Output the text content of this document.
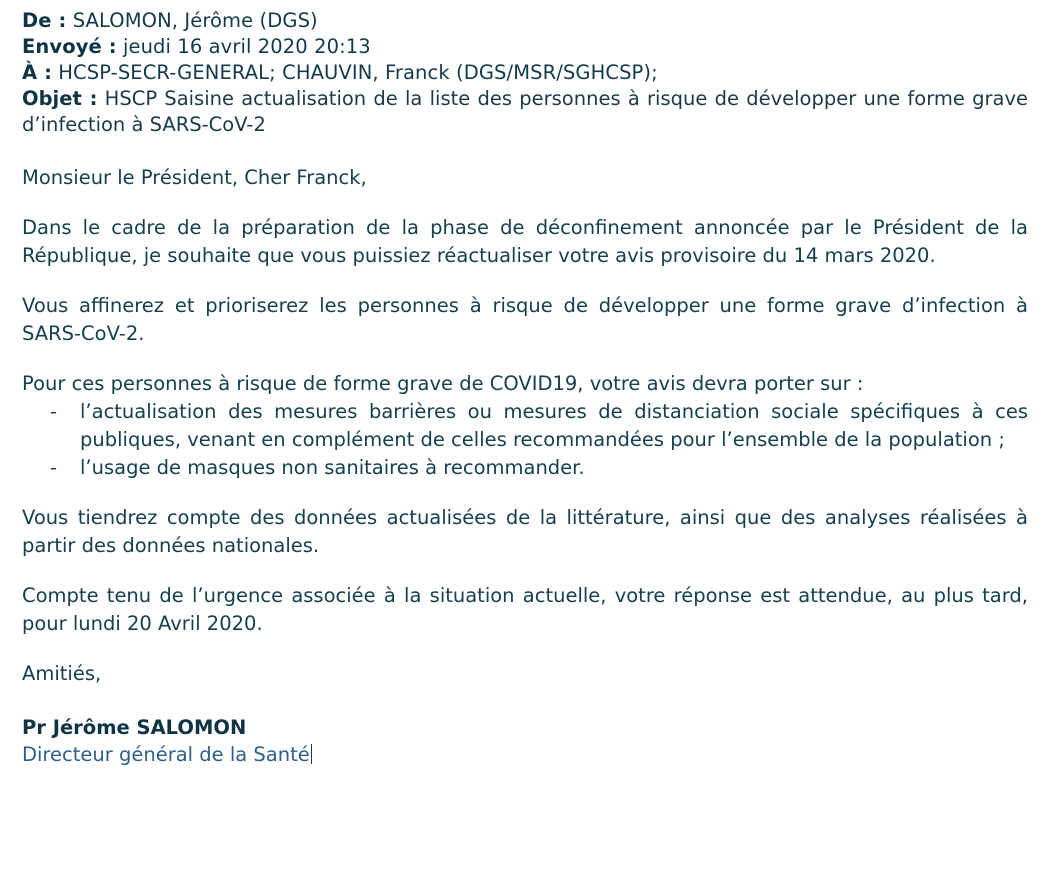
De : SALOMON, Jérôme (DGS)
Envoyé : jeudi 16 avril 2020 20:13
À : HCSP-SECR-GENERAL; CHAUVIN, Franck (DGS/MSR/SGHCSP);
Objet : HSCP Saisine actualisation de la liste des personnes à risque de développer une forme grave d’infection à SARS-CoV-2

Monsieur le Président, Cher Franck,

Dans le cadre de la préparation de la phase de déconfinement annoncée par le Président de la République, je souhaite que vous puissiez réactualiser votre avis provisoire du 14 mars 2020.

Vous affinerez et prioriserez les personnes à risque de développer une forme grave d’infection à SARS-CoV-2.

Pour ces personnes à risque de forme grave de COVID19, votre avis devra porter sur :

-	l’actualisation des mesures barrières ou mesures de distanciation sociale spécifiques à ces publiques, venant en complément de celles recommandées pour l’ensemble de la population ;
-	l’usage de masques non sanitaires à recommander.

Vous tiendrez compte des données actualisées de la littérature, ainsi que des analyses réalisées à partir des données nationales.

Compte tenu de l’urgence associée à la situation actuelle, votre réponse est attendue, au plus tard, pour lundi 20 Avril 2020.

Amitiés,

Pr Jérôme SALOMON
Directeur général de la Santé
